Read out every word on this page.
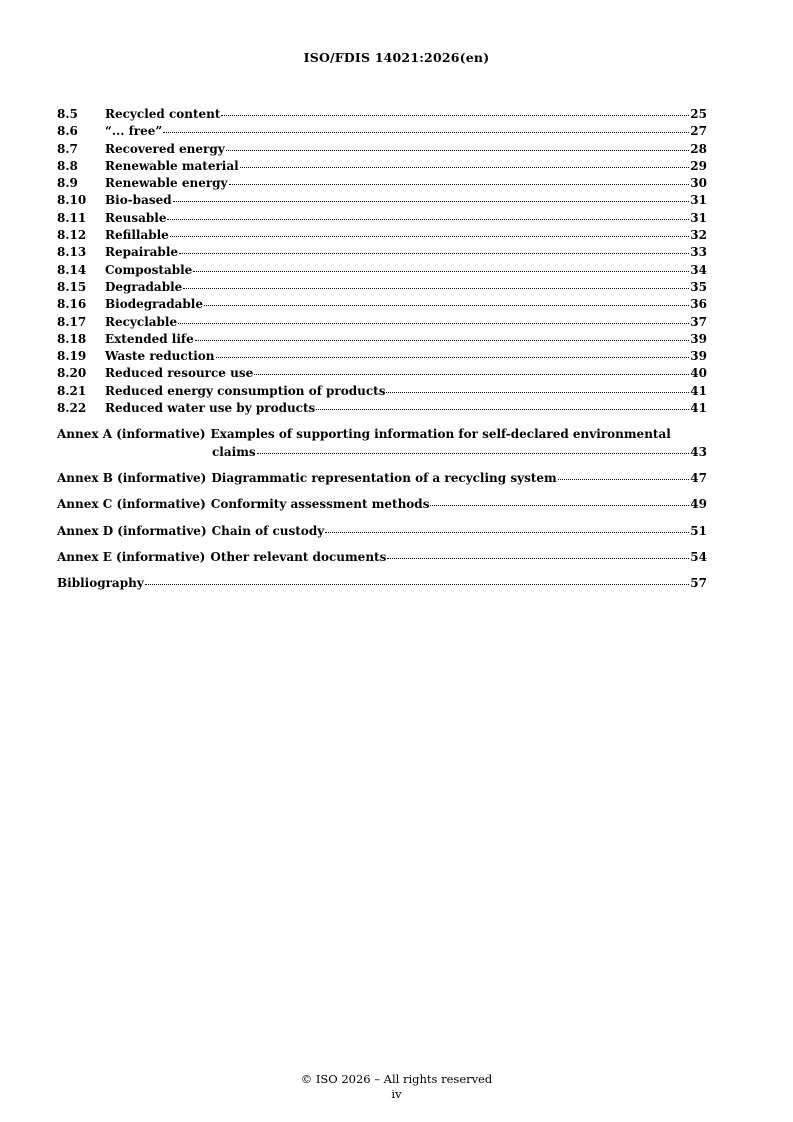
ISO/FDIS 14021:2026(en)
8.5	Recycled content	25
8.6	“... free”	27
8.7	Recovered energy	28
8.8	Renewable material	29
8.9	Renewable energy	30
8.10	Bio-based	31
8.11	Reusable	31
8.12	Refillable	32
8.13	Repairable	33
8.14	Compostable	34
8.15	Degradable	35
8.16	Biodegradable	36
8.17	Recyclable	37
8.18	Extended life	39
8.19	Waste reduction	39
8.20	Reduced resource use	40
8.21	Reduced energy consumption of products	41
8.22	Reduced water use by products	41
Annex A (informative) Examples of supporting information for self-declared environmental
claims	43
Annex B (informative) Diagrammatic representation of a recycling system	47
Annex C (informative) Conformity assessment methods	49
Annex D (informative) Chain of custody	51
Annex E (informative) Other relevant documents	54
Bibliography	57
© ISO 2026 – All rights reserved
iv
